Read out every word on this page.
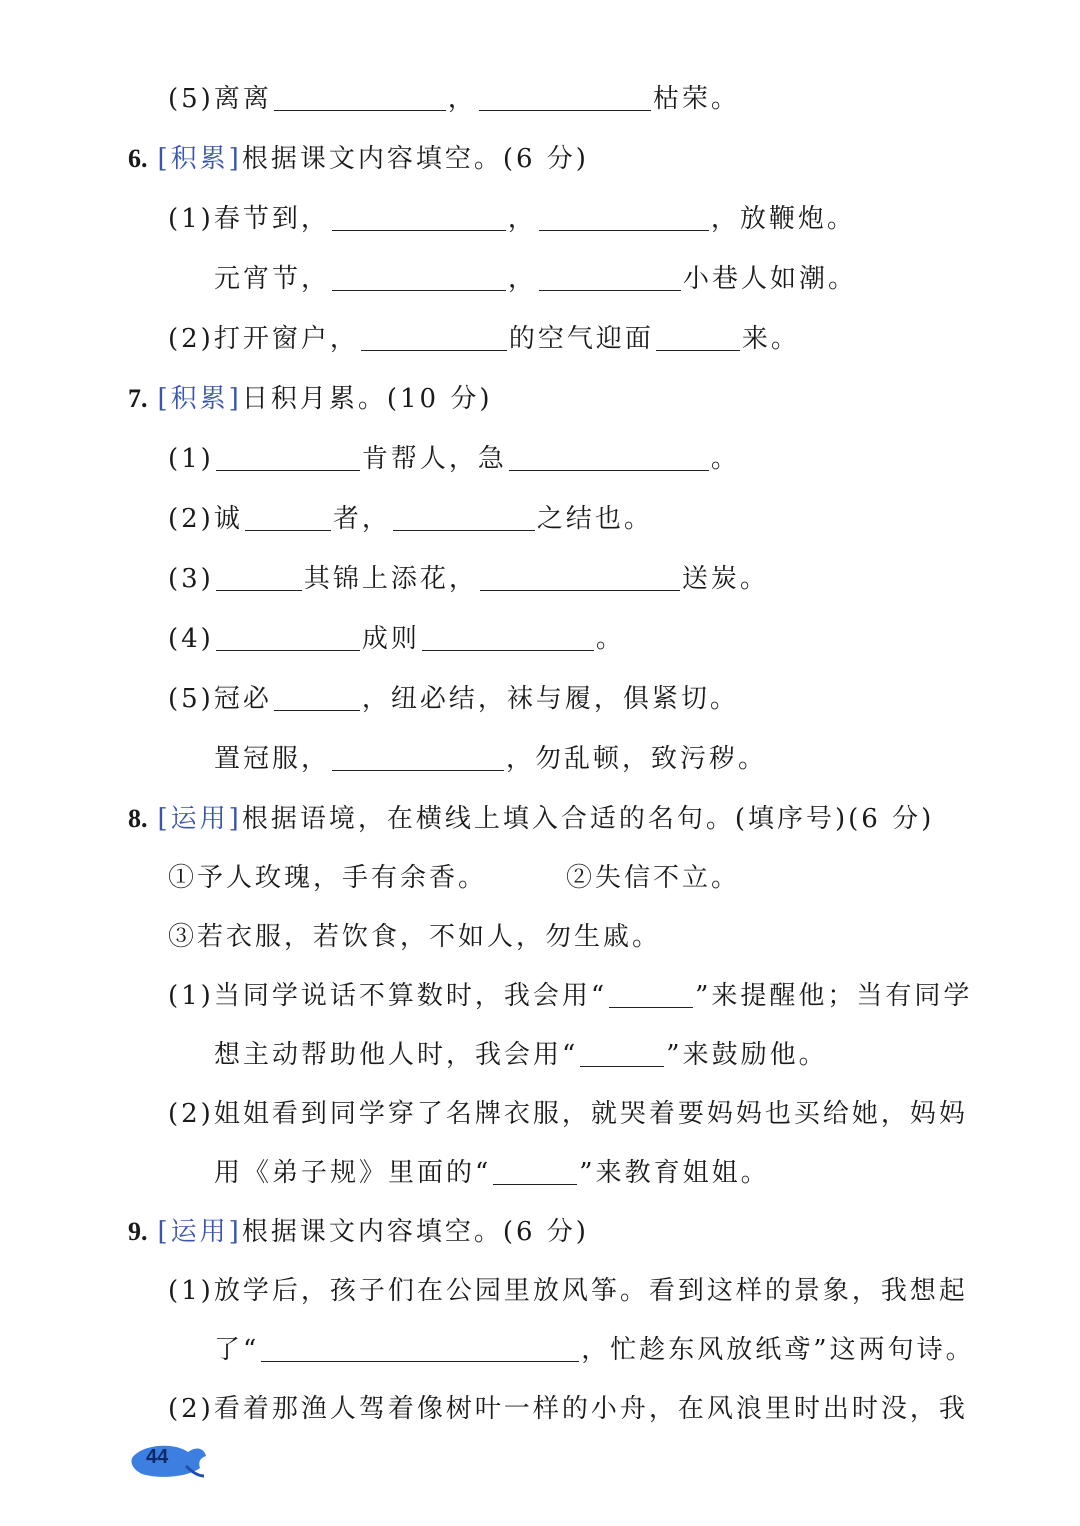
(5)离离	，	枯荣。
6. [积累]根据课文内容填空。(6 分)
(1)春节到，	，	，放鞭炮。
元宵节，	，	小巷人如潮。
(2)打开窗户，	的空气迎面	来。
7. [积累]日积月累。(10 分)
(1)	肯帮人，急	。
(2)诚	者，	之结也。
(3)	其锦上添花，	送炭。
(4)	成则	。
(5)冠必	，纽必结，袜与履，俱紧切。
置冠服，	，勿乱顿，致污秽。
8. [运用]根据语境，在横线上填入合适的名句。(填序号)(6 分)
①予人玫瑰，手有余香。	②失信不立。
③若衣服，若饮食，不如人，勿生戚。
(1)当同学说话不算数时，我会用“	”来提醒他；当有同学
想主动帮助他人时，我会用“	”来鼓励他。
(2)姐姐看到同学穿了名牌衣服，就哭着要妈妈也买给她，妈妈
用《弟子规》里面的“	”来教育姐姐。
9. [运用]根据课文内容填空。(6 分)
(1)放学后，孩子们在公园里放风筝。看到这样的景象，我想起
了“	，忙趁东风放纸鸢”这两句诗。
(2)看着那渔人驾着像树叶一样的小舟，在风浪里时出时没，我
44
